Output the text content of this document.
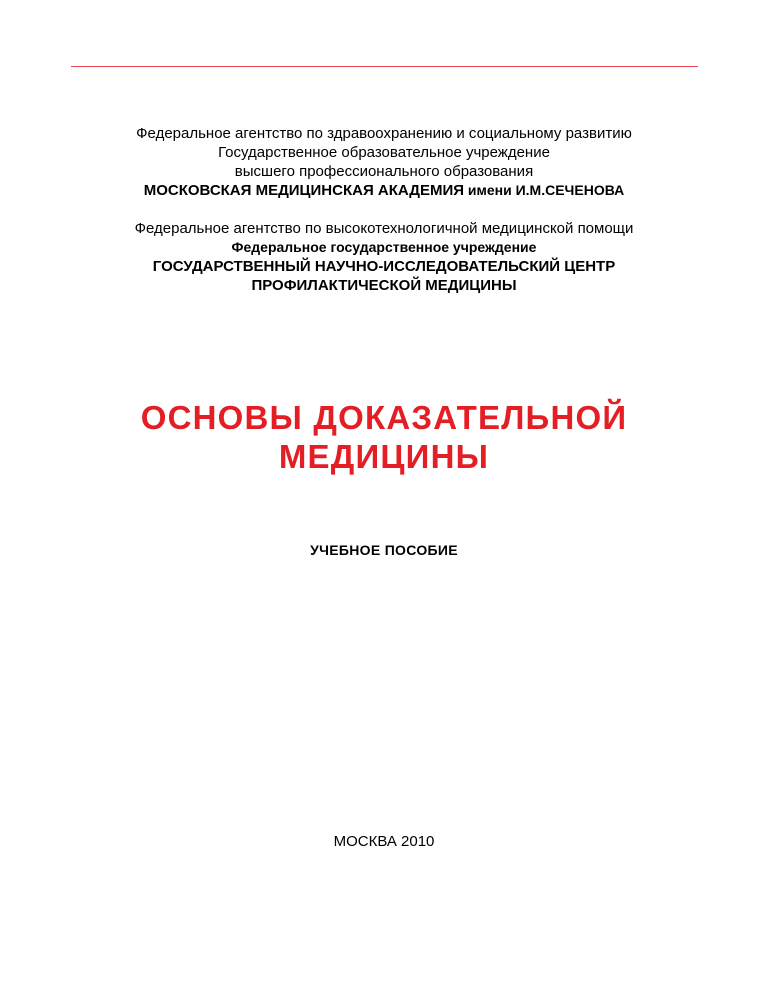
Федеральное агентство по здравоохранению и социальному развитию
Государственное образовательное учреждение
высшего профессионального образования
МОСКОВСКАЯ МЕДИЦИНСКАЯ АКАДЕМИЯ имени И.М.СЕЧЕНОВА
Федеральное агентство по высокотехнологичной медицинской помощи
Федеральное государственное учреждение
ГОСУДАРСТВЕННЫЙ НАУЧНО-ИССЛЕДОВАТЕЛЬСКИЙ ЦЕНТР
ПРОФИЛАКТИЧЕСКОЙ МЕДИЦИНЫ
ОСНОВЫ ДОКАЗАТЕЛЬНОЙ
МЕДИЦИНЫ
УЧЕБНОЕ ПОСОБИЕ
МОСКВА 2010
